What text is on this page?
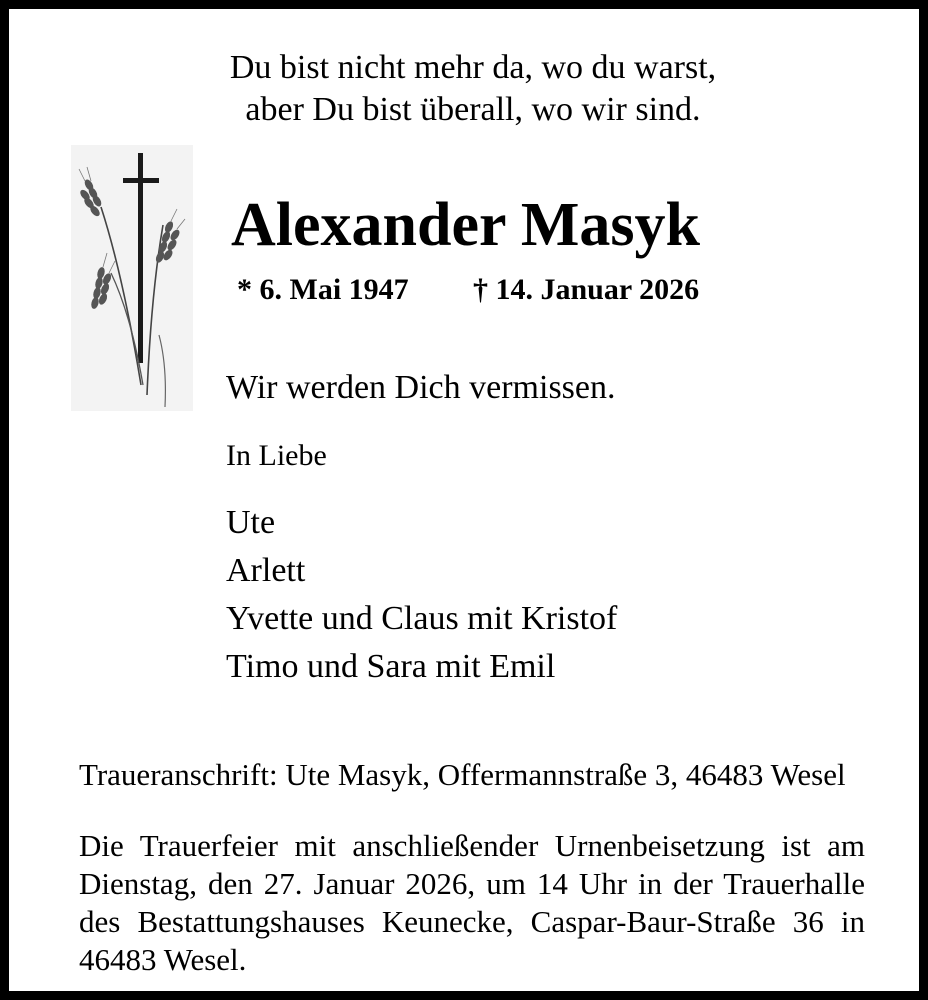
Du bist nicht mehr da, wo du warst,
aber Du bist überall, wo wir sind.
Alexander Masyk
* 6. Mai 1947 † 14. Januar 2026
Wir werden Dich vermissen.
In Liebe
Ute
Arlett
Yvette und Claus mit Kristof
Timo und Sara mit Emil
Traueranschrift: Ute Masyk, Offermannstraße 3, 46483 Wesel
Die Trauerfeier mit anschließender Urnenbeisetzung ist am Dienstag, den 27. Januar 2026, um 14 Uhr in der Trauerhalle des Bestattungshauses Keunecke, Caspar-Baur-Straße 36 in 46483 Wesel.
